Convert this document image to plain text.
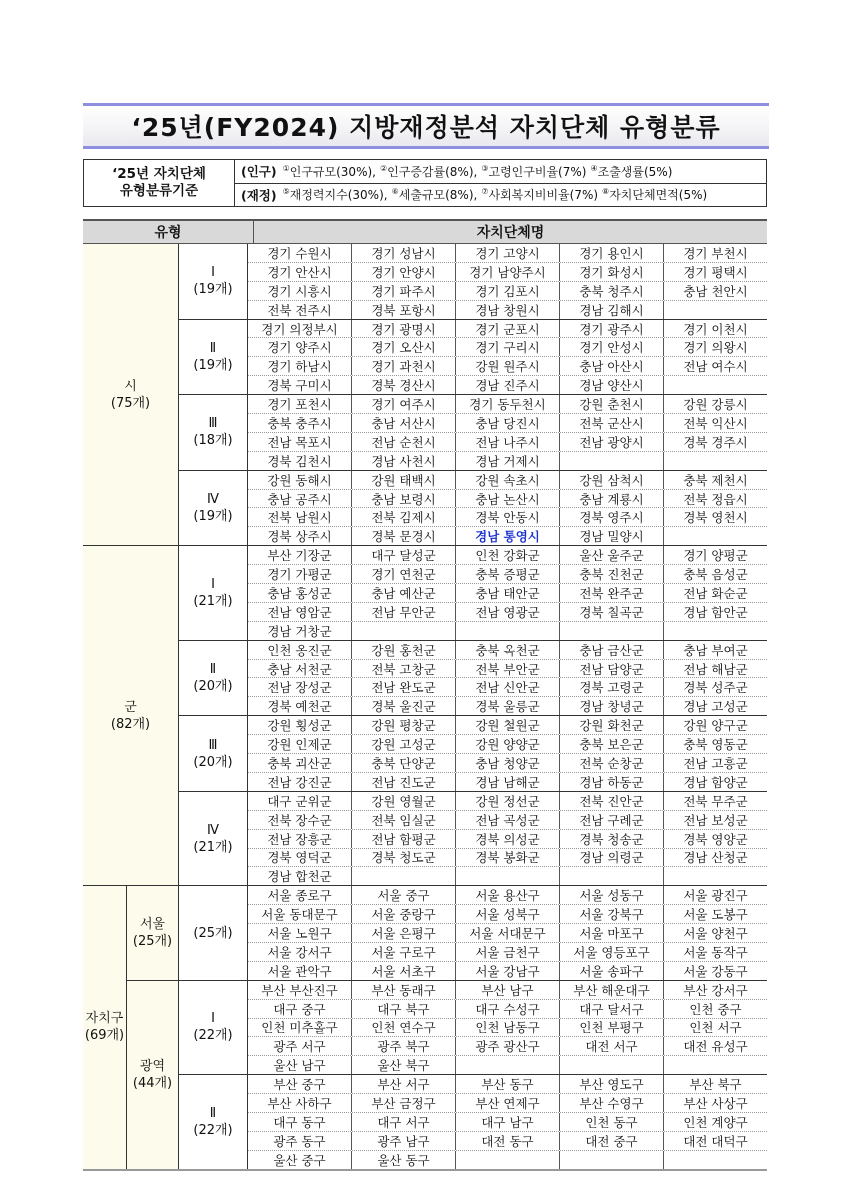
‘25년(FY2024) 지방재정분석 자치단체 유형분류
‘25년 자치단체
유형분류기준
(인구) ①인구규모(30%), ②인구증감률(8%), ③고령인구비율(7%) ④조출생률(5%)
(재정) ⑤재정력지수(30%), ⑥세출규모(8%), ⑦사회복지비비율(7%) ⑧자치단체면적(5%)
유형	자치단체명
시
(75개)
Ⅰ
(19개)
경기 수원시	경기 성남시	경기 고양시	경기 용인시	경기 부천시
경기 안산시	경기 안양시	경기 남양주시	경기 화성시	경기 평택시
경기 시흥시	경기 파주시	경기 김포시	충북 청주시	충남 천안시
전북 전주시	경북 포항시	경남 창원시	경남 김해시
Ⅱ
(19개)
경기 의정부시	경기 광명시	경기 군포시	경기 광주시	경기 이천시
경기 양주시	경기 오산시	경기 구리시	경기 안성시	경기 의왕시
경기 하남시	경기 과천시	강원 원주시	충남 아산시	전남 여수시
경북 구미시	경북 경산시	경남 진주시	경남 양산시
Ⅲ
(18개)
경기 포천시	경기 여주시	경기 동두천시	강원 춘천시	강원 강릉시
충북 충주시	충남 서산시	충남 당진시	전북 군산시	전북 익산시
전남 목포시	전남 순천시	전남 나주시	전남 광양시	경북 경주시
경북 김천시	경남 사천시	경남 거제시
Ⅳ
(19개)
강원 동해시	강원 태백시	강원 속초시	강원 삼척시	충북 제천시
충남 공주시	충남 보령시	충남 논산시	충남 계룡시	전북 정읍시
전북 남원시	전북 김제시	경북 안동시	경북 영주시	경북 영천시
경북 상주시	경북 문경시	경남 통영시	경남 밀양시
군
(82개)
Ⅰ
(21개)
부산 기장군	대구 달성군	인천 강화군	울산 울주군	경기 양평군
경기 가평군	경기 연천군	충북 증평군	충북 진천군	충북 음성군
충남 홍성군	충남 예산군	충남 태안군	전북 완주군	전남 화순군
전남 영암군	전남 무안군	전남 영광군	경북 칠곡군	경남 함안군
경남 거창군
Ⅱ
(20개)
인천 옹진군	강원 홍천군	충북 옥천군	충남 금산군	충남 부여군
충남 서천군	전북 고창군	전북 부안군	전남 담양군	전남 해남군
전남 장성군	전남 완도군	전남 신안군	경북 고령군	경북 성주군
경북 예천군	경북 울진군	경북 울릉군	경남 창녕군	경남 고성군
Ⅲ
(20개)
강원 횡성군	강원 평창군	강원 철원군	강원 화천군	강원 양구군
강원 인제군	강원 고성군	강원 양양군	충북 보은군	충북 영동군
충북 괴산군	충북 단양군	충남 청양군	전북 순창군	전남 고흥군
전남 강진군	전남 진도군	경남 남해군	경남 하동군	경남 함양군
Ⅳ
(21개)
대구 군위군	강원 영월군	강원 정선군	전북 진안군	전북 무주군
전북 장수군	전북 임실군	전남 곡성군	전남 구례군	전남 보성군
전남 장흥군	전남 함평군	경북 의성군	경북 청송군	경북 영양군
경북 영덕군	경북 청도군	경북 봉화군	경남 의령군	경남 산청군
경남 합천군
자치구
(69개)
서울
(25개)
(25개)
서울 종로구	서울 중구	서울 용산구	서울 성동구	서울 광진구
서울 동대문구	서울 중랑구	서울 성북구	서울 강북구	서울 도봉구
서울 노원구	서울 은평구	서울 서대문구	서울 마포구	서울 양천구
서울 강서구	서울 구로구	서울 금천구	서울 영등포구	서울 동작구
서울 관악구	서울 서초구	서울 강남구	서울 송파구	서울 강동구
광역
(44개)
Ⅰ
(22개)
부산 부산진구	부산 동래구	부산 남구	부산 해운대구	부산 강서구
대구 중구	대구 북구	대구 수성구	대구 달서구	인천 중구
인천 미추홀구	인천 연수구	인천 남동구	인천 부평구	인천 서구
광주 서구	광주 북구	광주 광산구	대전 서구	대전 유성구
울산 남구	울산 북구
Ⅱ
(22개)
부산 중구	부산 서구	부산 동구	부산 영도구	부산 북구
부산 사하구	부산 금정구	부산 연제구	부산 수영구	부산 사상구
대구 동구	대구 서구	대구 남구	인천 동구	인천 계양구
광주 동구	광주 남구	대전 동구	대전 중구	대전 대덕구
울산 중구	울산 동구
